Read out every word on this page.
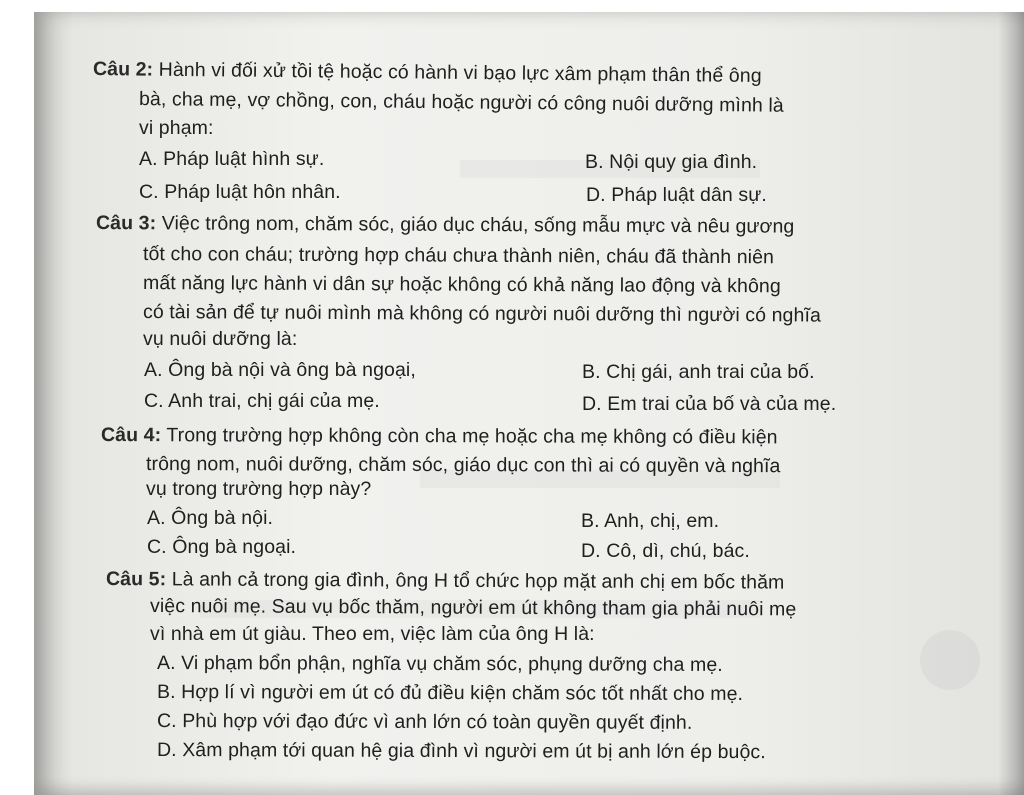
Câu 2: Hành vi đối xử tồi tệ hoặc có hành vi bạo lực xâm phạm thân thể ông
bà, cha mẹ, vợ chồng, con, cháu hoặc người có công nuôi dưỡng mình là
vi phạm:
A. Pháp luật hình sự.	B. Nội quy gia đình.
C. Pháp luật hôn nhân.	D. Pháp luật dân sự.
Câu 3: Việc trông nom, chăm sóc, giáo dục cháu, sống mẫu mực và nêu gương
tốt cho con cháu; trường hợp cháu chưa thành niên, cháu đã thành niên
mất năng lực hành vi dân sự hoặc không có khả năng lao động và không
có tài sản để tự nuôi mình mà không có người nuôi dưỡng thì người có nghĩa
vụ nuôi dưỡng là:
A. Ông bà nội và ông bà ngoại,	B. Chị gái, anh trai của bố.
C. Anh trai, chị gái của mẹ.	D. Em trai của bố và của mẹ.
Câu 4: Trong trường hợp không còn cha mẹ hoặc cha mẹ không có điều kiện
trông nom, nuôi dưỡng, chăm sóc, giáo dục con thì ai có quyền và nghĩa
vụ trong trường hợp này?
A. Ông bà nội.	B. Anh, chị, em.
C. Ông bà ngoại.	D. Cô, dì, chú, bác.
Câu 5: Là anh cả trong gia đình, ông H tổ chức họp mặt anh chị em bốc thăm
việc nuôi mẹ. Sau vụ bốc thăm, người em út không tham gia phải nuôi mẹ
vì nhà em út giàu. Theo em, việc làm của ông H là:
A. Vi phạm bổn phận, nghĩa vụ chăm sóc, phụng dưỡng cha mẹ.
B. Hợp lí vì người em út có đủ điều kiện chăm sóc tốt nhất cho mẹ.
C. Phù hợp với đạo đức vì anh lớn có toàn quyền quyết định.
D. Xâm phạm tới quan hệ gia đình vì người em út bị anh lớn ép buộc.
